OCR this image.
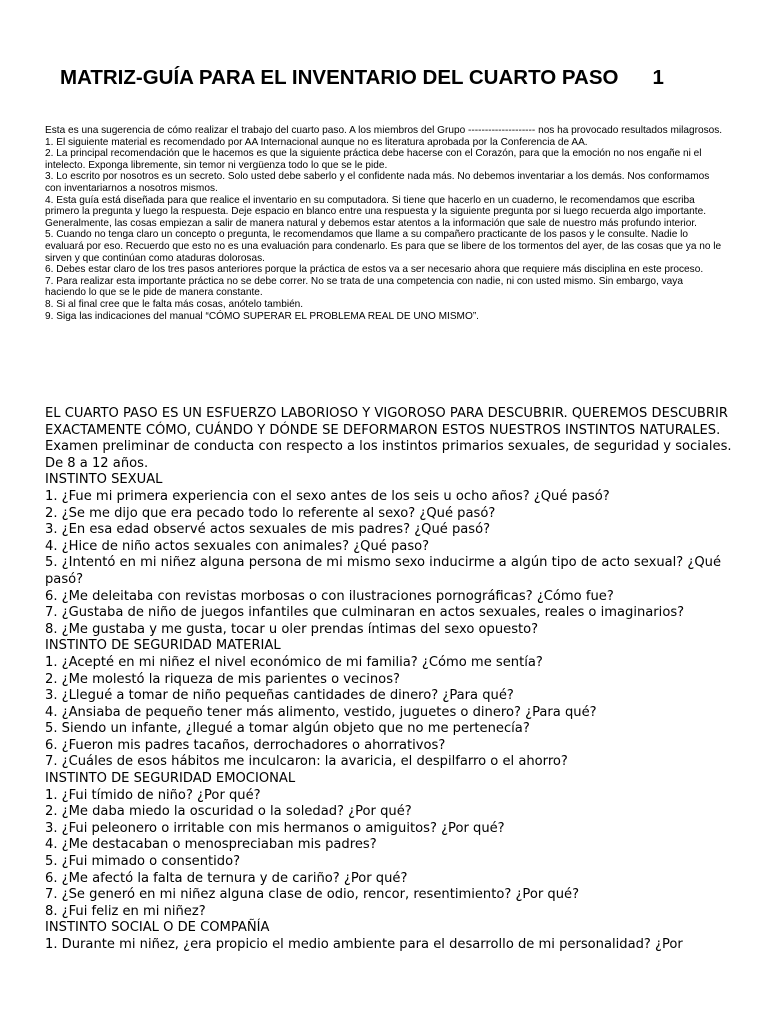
MATRIZ-GUÍA PARA EL INVENTARIO DEL CUARTO PASO 1

Esta es una sugerencia de cómo realizar el trabajo del cuarto paso. A los miembros del Grupo -------------------- nos ha provocado resultados milagrosos.

1. El siguiente material es recomendado por AA Internacional aunque no es literatura aprobada por la Conferencia de AA.

2. La principal recomendación que le hacemos es que la siguiente práctica debe hacerse con el Corazón, para que la emoción no nos engañe ni el intelecto. Exponga libremente, sin temor ni vergüenza todo lo que se le pide.

3. Lo escrito por nosotros es un secreto. Solo usted debe saberlo y el confidente nada más. No debemos inventariar a los demás. Nos conformamos con inventariarnos a nosotros mismos.

4. Esta guía está diseñada para que realice el inventario en su computadora. Si tiene que hacerlo en un cuaderno, le recomendamos que escriba primero la pregunta y luego la respuesta. Deje espacio en blanco entre una respuesta y la siguiente pregunta por si luego recuerda algo importante. Generalmente, las cosas empiezan a salir de manera natural y debemos estar atentos a la información que sale de nuestro más profundo interior.

5. Cuando no tenga claro un concepto o pregunta, le recomendamos que llame a su compañero practicante de los pasos y le consulte. Nadie lo evaluará por eso. Recuerdo que esto no es una evaluación para condenarlo. Es para que se libere de los tormentos del ayer, de las cosas que ya no le sirven y que continúan como ataduras dolorosas.

6. Debes estar claro de los tres pasos anteriores porque la práctica de estos va a ser necesario ahora que requiere más disciplina en este proceso.

7. Para realizar esta importante práctica no se debe correr. No se trata de una competencia con nadie, ni con usted mismo. Sin embargo, vaya haciendo lo que se le pide de manera constante.

8. Si al final cree que le falta más cosas, anótelo también.

9. Siga las indicaciones del manual “CÓMO SUPERAR EL PROBLEMA REAL DE UNO MISMO”.

EL CUARTO PASO ES UN ESFUERZO LABORIOSO Y VIGOROSO PARA DESCUBRIR. QUEREMOS DESCUBRIR EXACTAMENTE CÓMO, CUÁNDO Y DÓNDE SE DEFORMARON ESTOS NUESTROS INSTINTOS NATURALES.

Examen preliminar de conducta con respecto a los instintos primarios sexuales, de seguridad y sociales. De 8 a 12 años.

INSTINTO SEXUAL

1. ¿Fue mi primera experiencia con el sexo antes de los seis u ocho años? ¿Qué pasó?

2. ¿Se me dijo que era pecado todo lo referente al sexo? ¿Qué pasó?

3. ¿En esa edad observé actos sexuales de mis padres? ¿Qué pasó?

4. ¿Hice de niño actos sexuales con animales? ¿Qué paso?

5. ¿Intentó en mi niñez alguna persona de mi mismo sexo inducirme a algún tipo de acto sexual? ¿Qué pasó?

6. ¿Me deleitaba con revistas morbosas o con ilustraciones pornográficas? ¿Cómo fue?

7. ¿Gustaba de niño de juegos infantiles que culminaran en actos sexuales, reales o imaginarios?

8. ¿Me gustaba y me gusta, tocar u oler prendas íntimas del sexo opuesto?

INSTINTO DE SEGURIDAD MATERIAL

1. ¿Acepté en mi niñez el nivel económico de mi familia? ¿Cómo me sentía?

2. ¿Me molestó la riqueza de mis parientes o vecinos?

3. ¿Llegué a tomar de niño pequeñas cantidades de dinero? ¿Para qué?

4. ¿Ansiaba de pequeño tener más alimento, vestido, juguetes o dinero? ¿Para qué?

5. Siendo un infante, ¿llegué a tomar algún objeto que no me pertenecía?

6. ¿Fueron mis padres tacaños, derrochadores o ahorrativos?

7. ¿Cuáles de esos hábitos me inculcaron: la avaricia, el despilfarro o el ahorro?

INSTINTO DE SEGURIDAD EMOCIONAL

1. ¿Fui tímido de niño? ¿Por qué?

2. ¿Me daba miedo la oscuridad o la soledad? ¿Por qué?

3. ¿Fui peleonero o irritable con mis hermanos o amiguitos? ¿Por qué?

4. ¿Me destacaban o menospreciaban mis padres?

5. ¿Fui mimado o consentido?

6. ¿Me afectó la falta de ternura y de cariño? ¿Por qué?

7. ¿Se generó en mi niñez alguna clase de odio, rencor, resentimiento? ¿Por qué?

8. ¿Fui feliz en mi niñez?

INSTINTO SOCIAL O DE COMPAÑÍA

1. Durante mi niñez, ¿era propicio el medio ambiente para el desarrollo de mi personalidad? ¿Por
